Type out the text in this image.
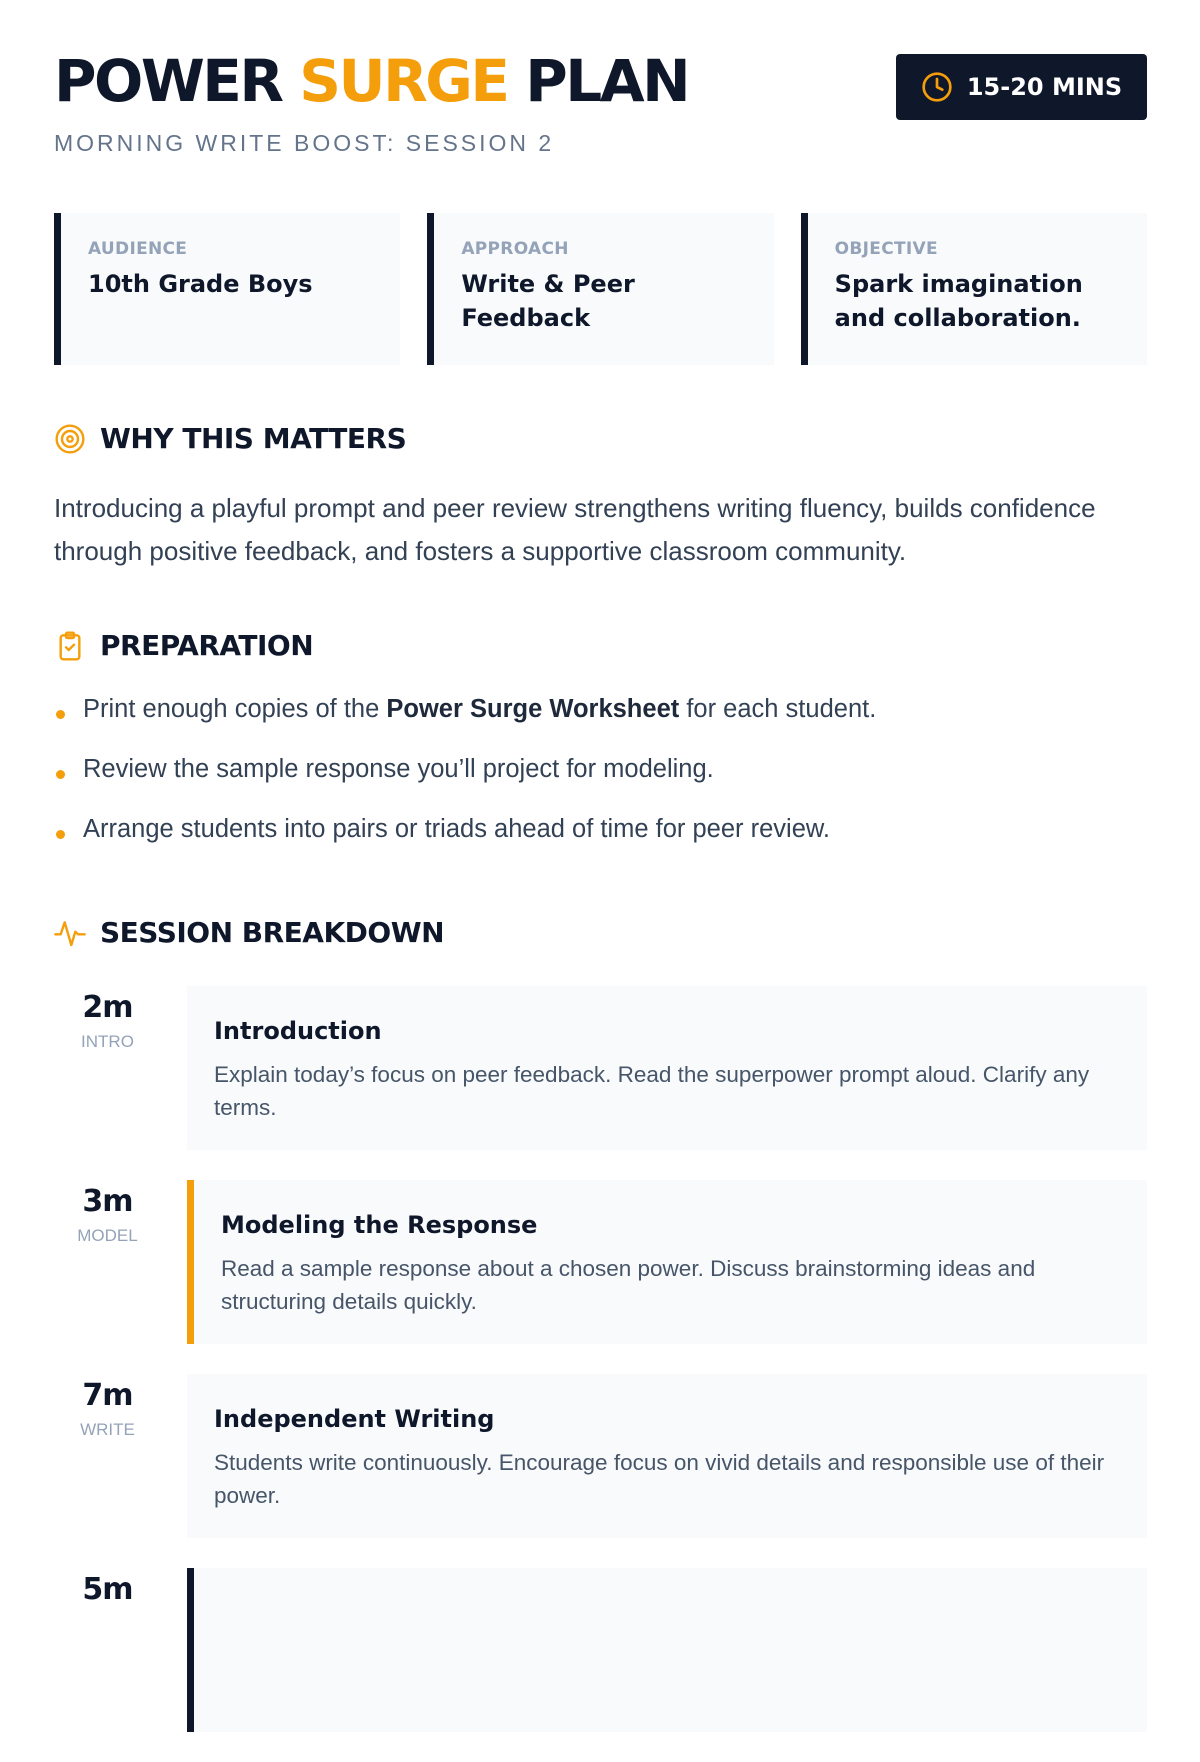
POWER SURGE PLAN
MORNING WRITE BOOST: SESSION 2
15-20 MINS
AUDIENCE
10th Grade Boys
APPROACH
Write & Peer Feedback
OBJECTIVE
Spark imagination and collaboration.
WHY THIS MATTERS

Introducing a playful prompt and peer review strengthens writing fluency, builds confidence through positive feedback, and fosters a supportive classroom community.

PREPARATION
Print enough copies of the Power Surge Worksheet for each student.
Review the sample response you’ll project for modeling.
Arrange students into pairs or triads ahead of time for peer review.
SESSION BREAKDOWN
2m
INTRO	Introduction
Explain today’s focus on peer feedback. Read the superpower prompt aloud. Clarify any terms.
3m
MODEL	Modeling the Response
Read a sample response about a chosen power. Discuss brainstorming ideas and structuring details quickly.
7m
WRITE	Independent Writing
Students write continuously. Encourage focus on vivid details and responsible use of their power.
5m
